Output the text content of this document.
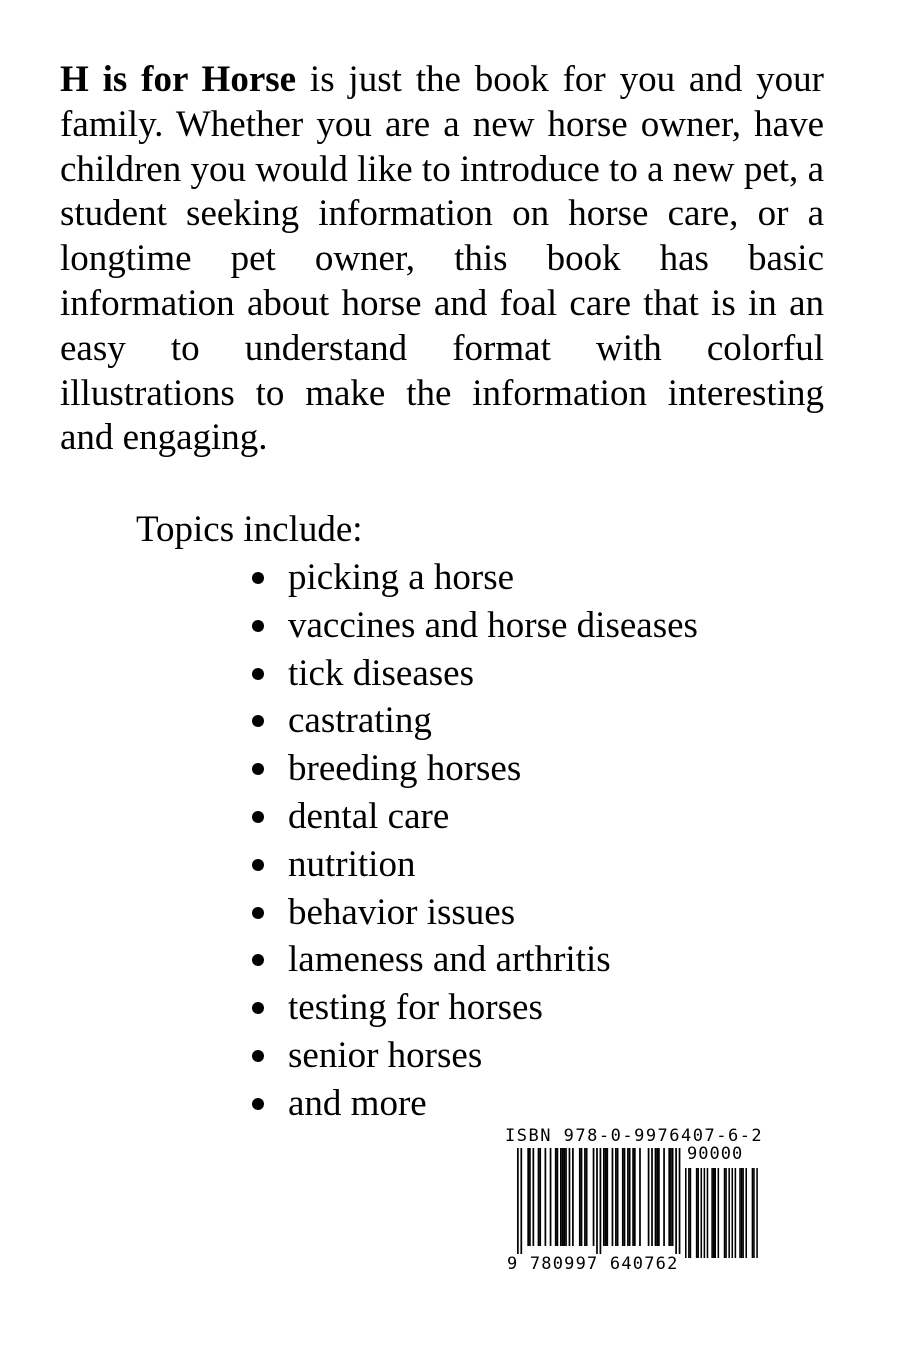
H is for Horse is just the book for you and your family. Whether you are a new horse owner, have children you would like to introduce to a new pet, a student seeking information on horse care, or a longtime pet owner, this book has basic information about horse and foal care that is in an easy to understand format with colorful illustrations to make the information interesting and engaging.

Topics include:

picking a horse
vaccines and horse diseases
tick diseases
castrating
breeding horses
dental care
nutrition
behavior issues
lameness and arthritis
testing for horses
senior horses
and more
ISBN 978-0-9976407-6-2
90000
9 780997 640762
